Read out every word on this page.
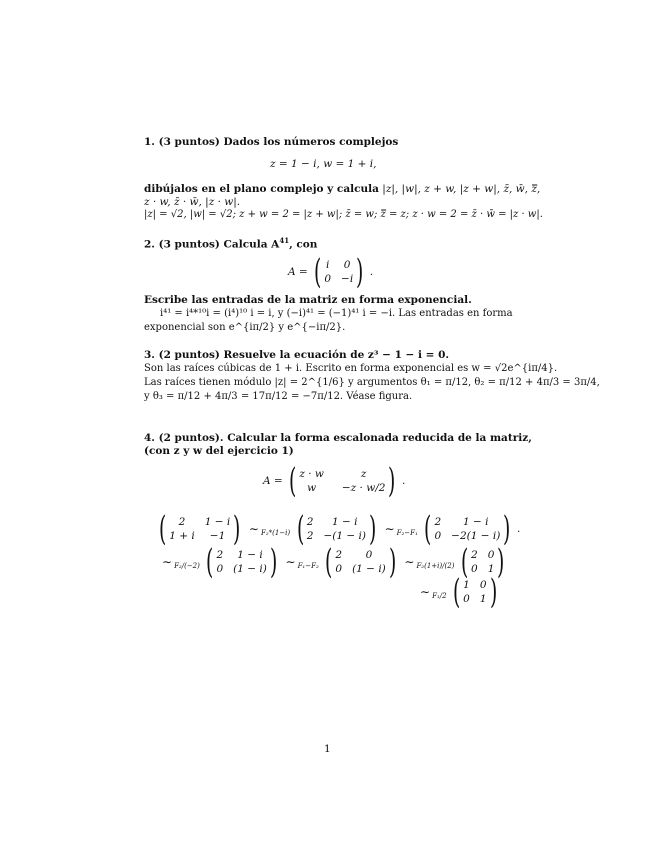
1. (3 puntos) Dados los números complejos
z = 1 − i, w = 1 + i,
dibújalos en el plano complejo y calcula |z|, |w|, z + w, |z + w|, z̄, w̄, z̿,
z · w, z̄ · w̄, |z · w|.
|z| = √2, |w| = √2; z + w = 2 = |z + w|; z̄ = w; z̿ = z; z · w = 2 = z̄ · w̄ = |z · w|.
2. (3 puntos) Calcula $A^{41}$, con
A = ( i 0
0 −i ) .
Escribe las entradas de la matriz en forma exponencial.
i⁴¹ = i⁴*¹⁰i = (i⁴)¹⁰ i = i, y (−i)⁴¹ = (−1)⁴¹ i = −i. Las entradas en forma
exponencial son e^{iπ/2} y e^{−iπ/2}.
3. (2 puntos) Resuelve la ecuación de z³ − 1 − i = 0.
Son las raíces cúbicas de 1 + i. Escrito en forma exponencial es w = √2e^{iπ/4}.
Las raíces tienen módulo |z| = 2^{1/6} y argumentos θ₁ = π/12, θ₂ = π/12 + 4π/3 = 3π/4,
y θ₃ = π/12 + 4π/3 = 17π/12 = −7π/12. Véase figura.
4. (2 puntos). Calcular la forma escalonada reducida de la matriz,
(con z y w del ejercicio 1)
A = ( z · w	z
w	−z · w/2 ) .
(	2	1 − i
1 + i	−1 ) ∼ $_{F_2*(1-i)}$ ( 2	1 − i
2 −(1 − i) ) ∼ $_{F_2-F_1}$ ( 2	1 − i
0 −2(1 − i) ) .
∼ $_{F_2/(-2)}$ ( 2	1 − i
0 (1 − i) ) ∼ $_{F_1-F_2}$ ( 2	0
0 (1 − i) ) ∼ $_{F_2(1+i)/(2)}$ ( 2 0
0 1 )
∼ $_{F_1/2}$ ( 1 0
0 1 )
1
